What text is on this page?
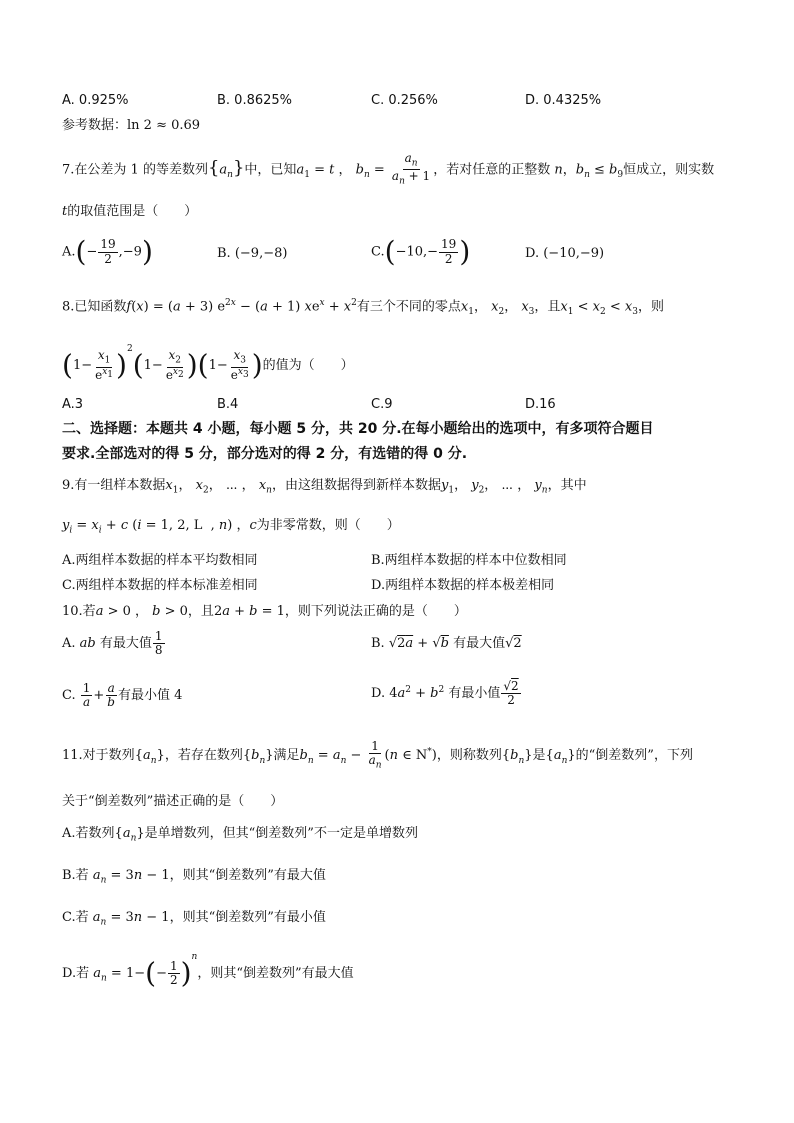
A. 0.925%	B. 0.8625%	C. 0.256%	D. 0.4325%
参考数据：ln 2 ≈ 0.69
7.在公差为 1 的等差数列$\{a_n\}$中，已知$a_1 = t$ ， $b_n = \frac{a_n}{a_n + 1}$ ，若对任意的正整数 n，$b_n \le b_9$恒成立，则实数
t的取值范围是（　　）
$A.(- \frac{19}{2} ,-9)$	B. (−9,−8)	$C.(-10,- \frac{19}{2}$ )	D. (−10,−9)
8.已知函数f(x) = (a + 3) $e^{2x} - (a + 1) xe^x + x^2$有三个不同的零点$x_1$， $x_2$， $x_3$，且$x_1 < x_2 < x_3$，则
$(1- \frac{x_1}{e^{x_1}} )^2(1- \frac{x_2}{e^{x_2}} )(1- \frac{x_3}{e^{x_3}}$ )的值为（　　）
A.3	B.4	C.9	D.16
二、选择题：本题共 4 小题，每小题 5 分，共 20 分.在每小题给出的选项中，有多项符合题目
要求.全部选对的得 5 分，部分选对的得 2 分，有选错的得 0 分.
9.有一组样本数据$x_1$， $x_2$， ⋯ ， $x_n$，由这组数据得到新样本数据$y_1$， $y_2$， ⋯ ， $y_n$，其中
$y_i = x_i + c$ (i = 1, 2, L  , n) ，c为非零常数，则（　　）
A.两组样本数据的样本平均数相同	B.两组样本数据的样本中位数相同
C.两组样本数据的样本标准差相同	D.两组样本数据的样本极差相同
10.若a > 0 ， b > 0，且2a + b = 1，则下列说法正确的是（　　）
A. ab 有最大值 $\frac{1}{8}$	B. √2a + √b 有最大值√2
C. $\frac{1}{a} + \frac{a}{b}$ 有最小值 4	D. $4a^2 + b^2$ 有最小值 $\frac{√2}{2}$
11.对于数列$\{a_n\}$，若存在数列$\{b_n\}$满足$b_n = a_n - \frac{1}{a_n} (n$ ∈ N*)，则称数列$\{b_n\}$是$\{a_n\}$的“倒差数列”，下列
关于“倒差数列”描述正确的是（　　）
A.若数列$\{a_n\}$是单增数列，但其“倒差数列”不一定是单增数列
B.若 $a_n = 3n - 1$，则其“倒差数列”有最大值
C.若 $a_n = 3n - 1$，则其“倒差数列”有最小值
D.若 $a_n = 1-(- \frac{1}{2} )^n$，则其“倒差数列”有最大值
